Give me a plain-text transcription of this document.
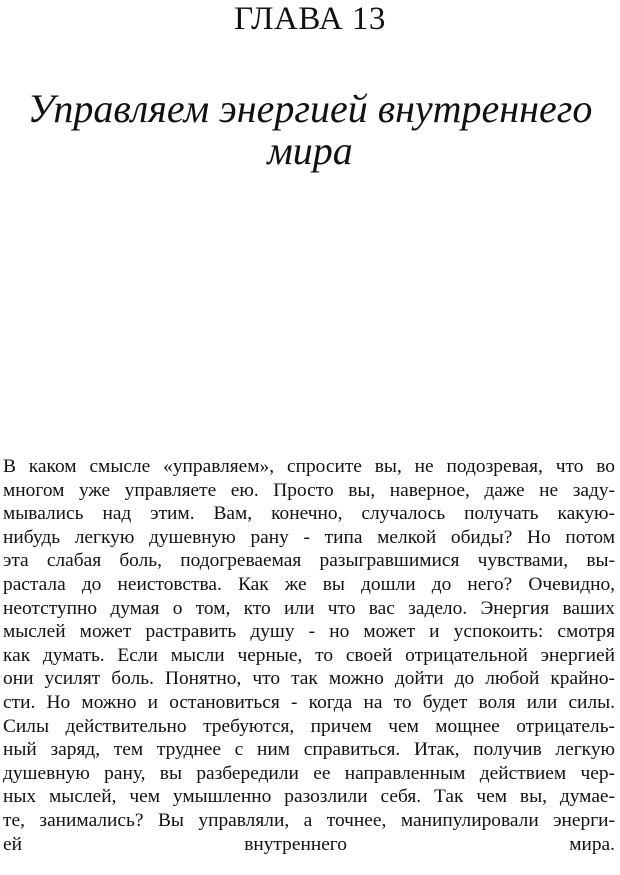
ГЛАВА 13
Управляем энергией внутреннего
мира
В каком смысле «управляем», спросите вы, не подозревая, что во
многом уже управляете ею. Просто вы, наверное, даже не заду-
мывались над этим. Вам, конечно, случалось получать какую-
нибудь легкую душевную рану - типа мелкой обиды? Но потом
эта слабая боль, подогреваемая разыгравшимися чувствами, вы-
растала до неистовства. Как же вы дошли до него? Очевидно,
неотступно думая о том, кто или что вас задело. Энергия ваших
мыслей может растравить душу - но может и успокоить: смотря
как думать. Если мысли черные, то своей отрицательной энергией
они усилят боль. Понятно, что так можно дойти до любой крайно-
сти. Но можно и остановиться - когда на то будет воля или силы.
Силы действительно требуются, причем чем мощнее отрицатель-
ный заряд, тем труднее с ним справиться. Итак, получив легкую
душевную рану, вы разбередили ее направленным действием чер-
ных мыслей, чем умышленно разозлили себя. Так чем вы, думае-
те, занимались? Вы управляли, а точнее, манипулировали энерги-
ей внутреннего мира.
